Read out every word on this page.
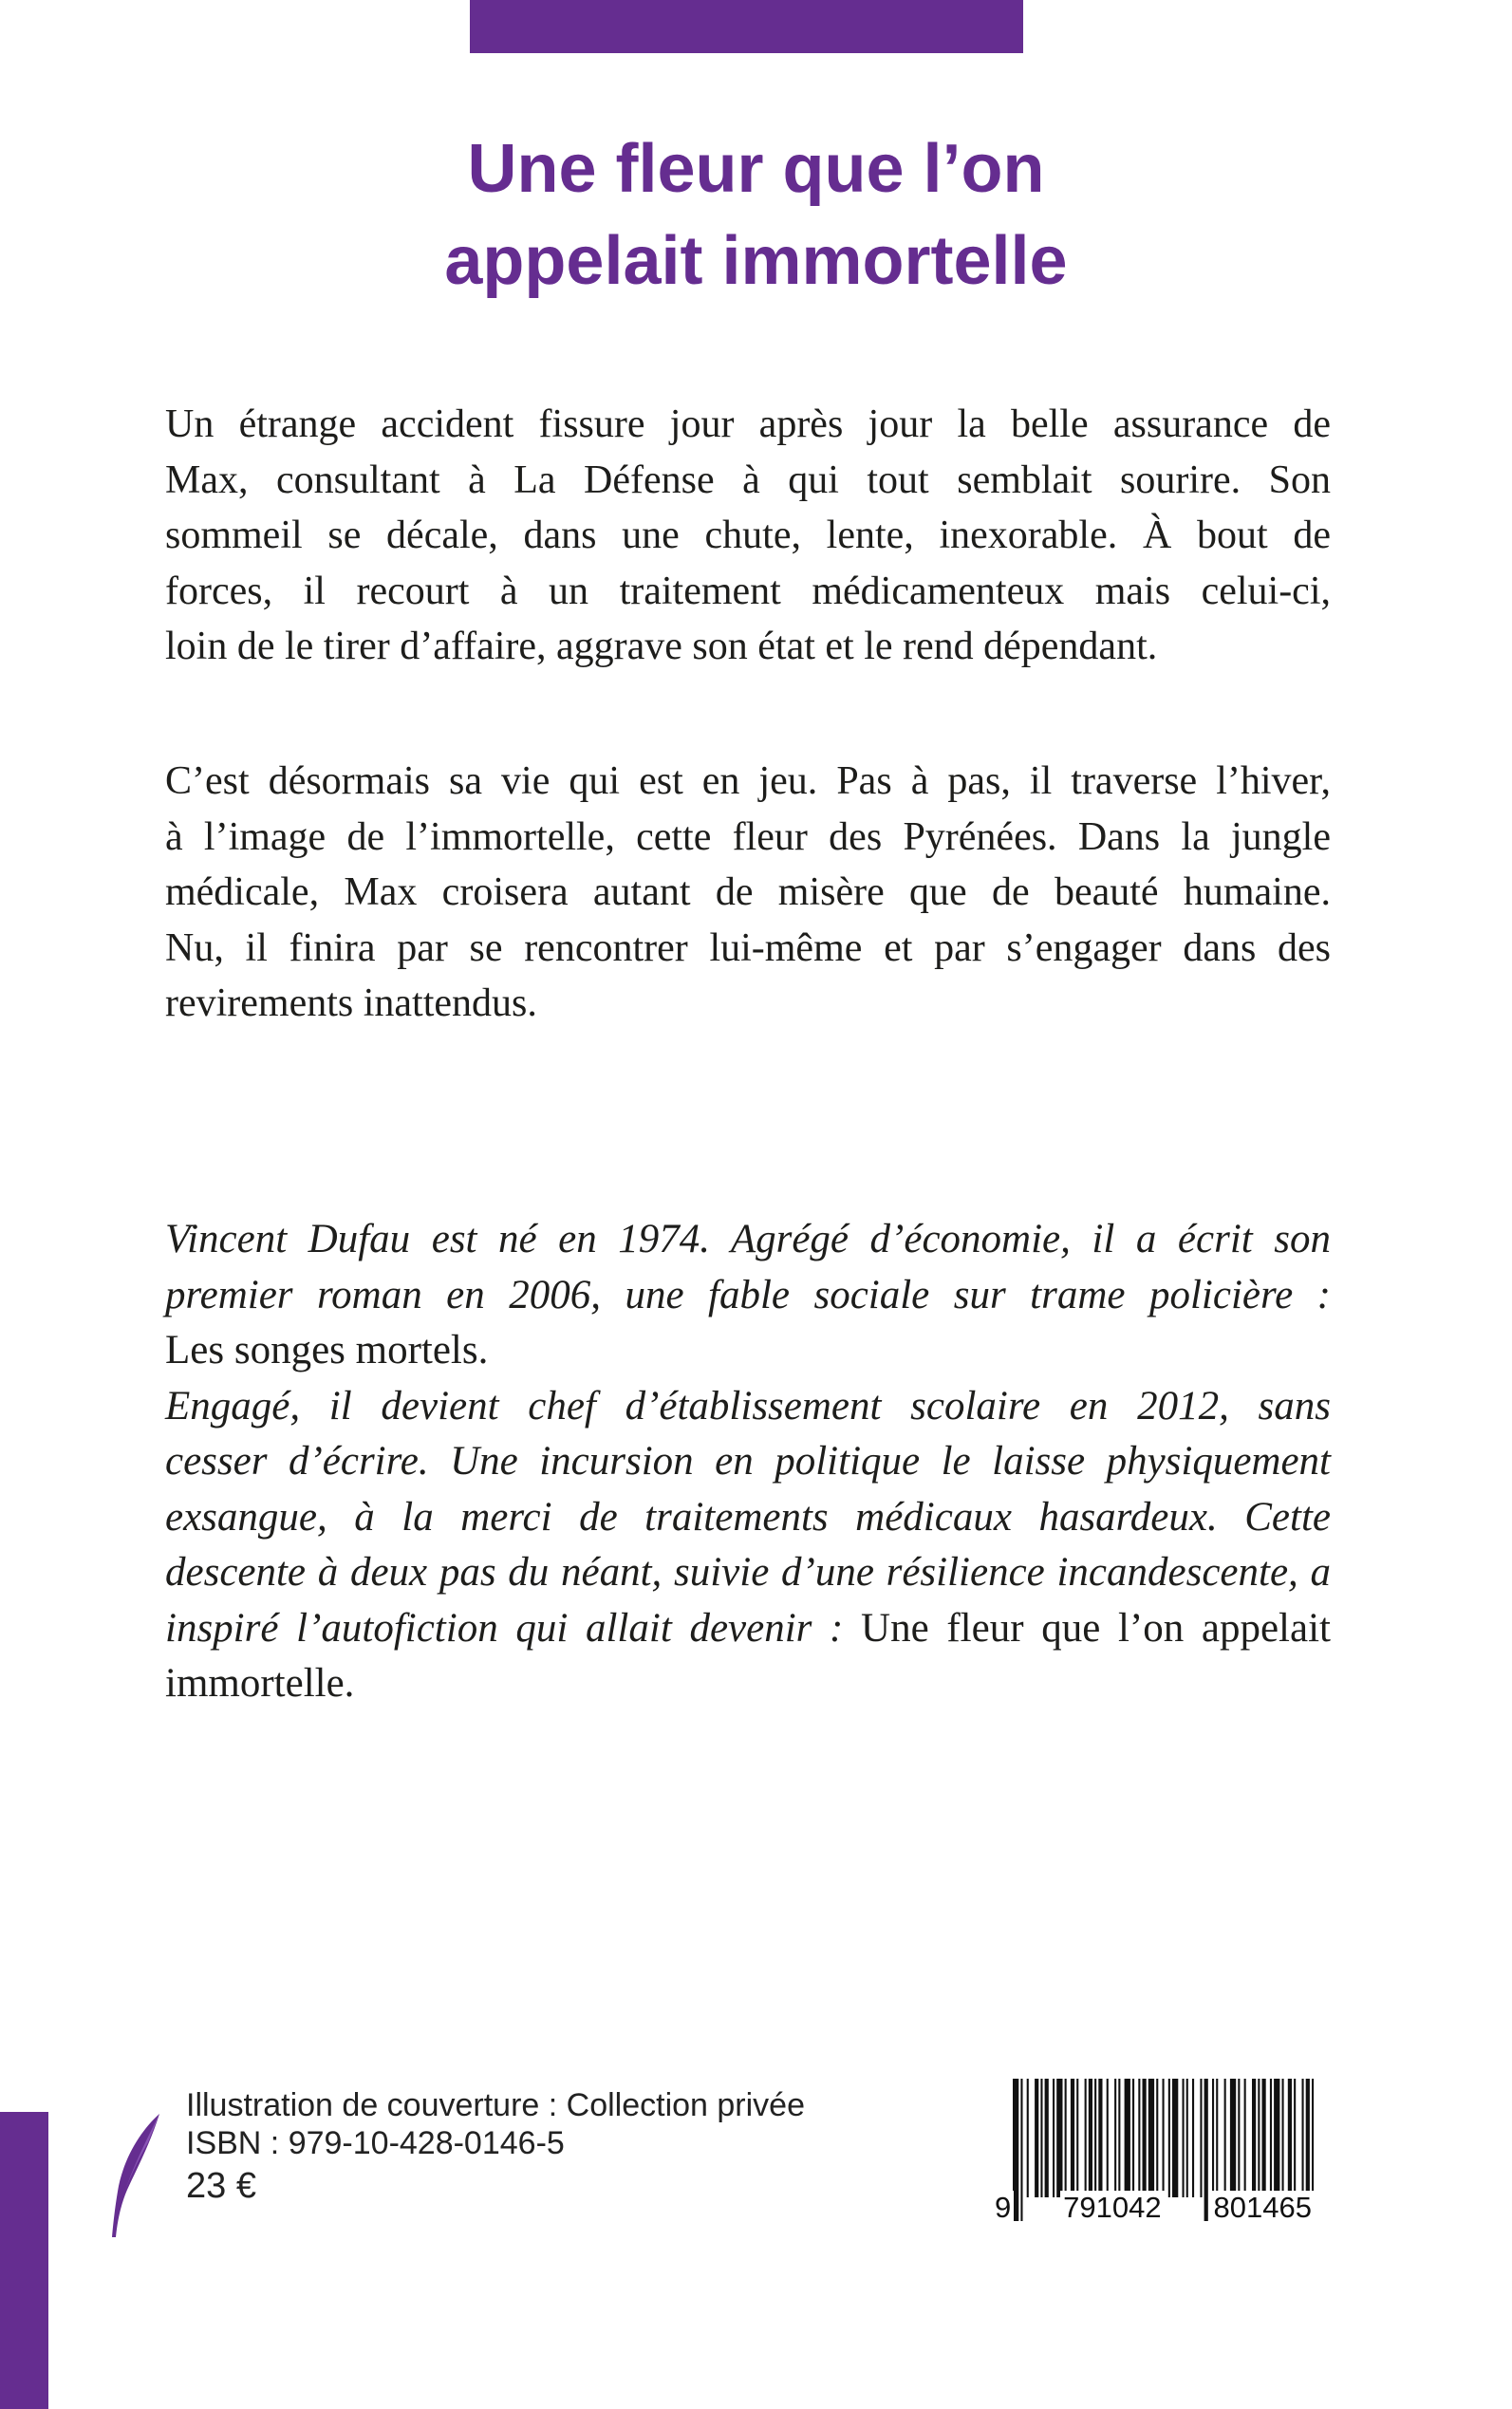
Une fleur que l’on
appelait immortelle
Un étrange accident fissure jour après jour la belle assurance de
Max, consultant à La Défense à qui tout semblait sourire. Son
sommeil se décale, dans une chute, lente, inexorable. À bout de
forces, il recourt à un traitement médicamenteux mais celui-ci,
loin de le tirer d’affaire, aggrave son état et le rend dépendant.
C’est désormais sa vie qui est en jeu. Pas à pas, il traverse l’hiver,
à l’image de l’immortelle, cette fleur des Pyrénées. Dans la jungle
médicale, Max croisera autant de misère que de beauté humaine.
Nu, il finira par se rencontrer lui-même et par s’engager dans des
revirements inattendus.
Vincent Dufau est né en 1974. Agrégé d’économie, il a écrit son
premier roman en 2006, une fable sociale sur trame policière :
Les songes mortels.
Engagé, il devient chef d’établissement scolaire en 2012, sans
cesser d’écrire. Une incursion en politique le laisse physiquement
exsangue, à la merci de traitements médicaux hasardeux. Cette
descente à deux pas du néant, suivie d’une résilience incandescente, a
inspiré l’autofiction qui allait devenir : Une fleur que l’on appelait
immortelle.
Illustration de couverture : Collection privée
ISBN : 979-10-428-0146-5
23 €
9 791042 801465
